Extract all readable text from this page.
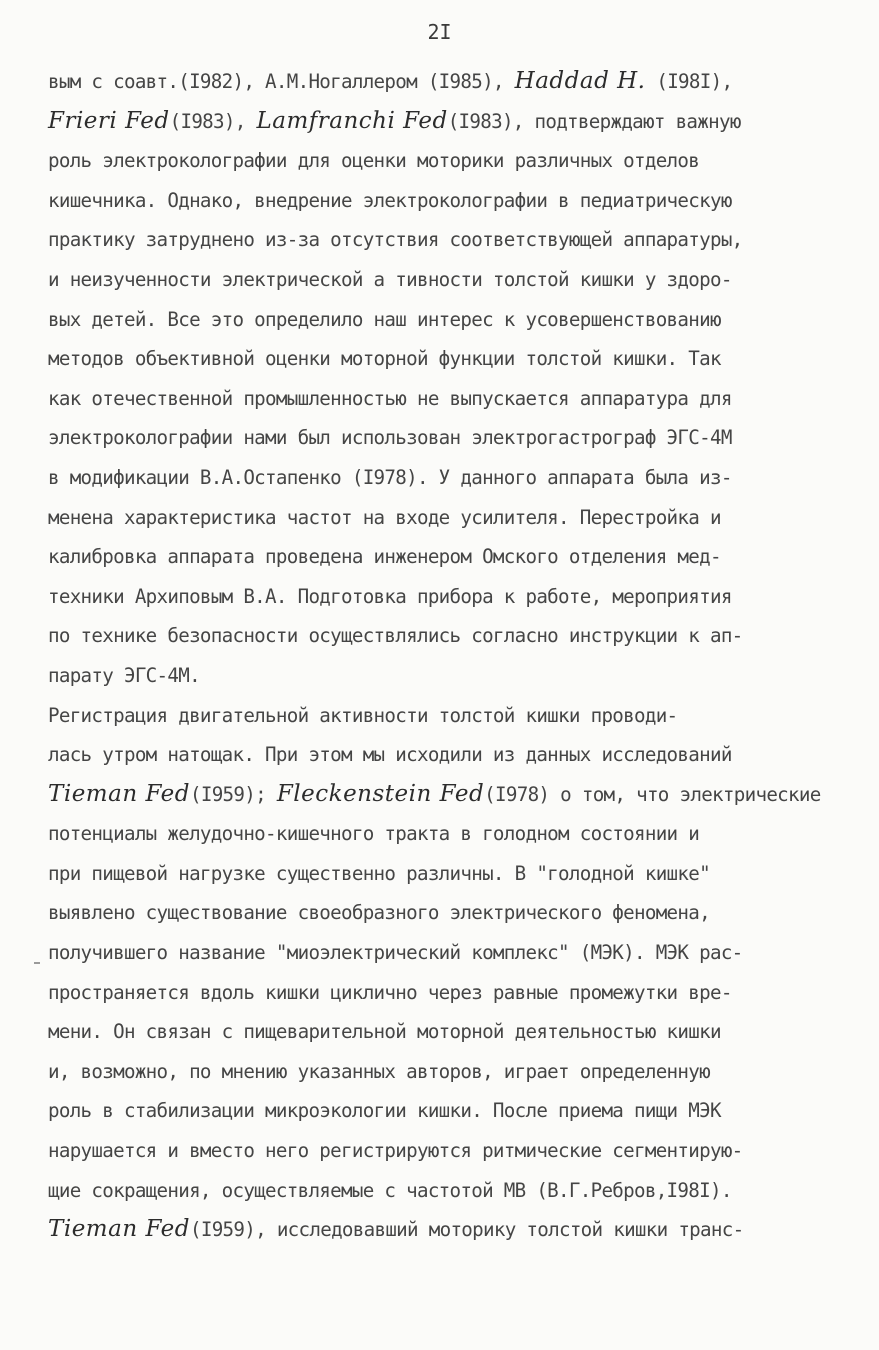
2I
вым с соавт.(I982), А.М.Ногаллером (I985), Haddad H. (I98I),
Frieri Fed(I983), Lamfranchi Fed(I983), подтверждают важную
роль электроколографии для оценки моторики различных отделов
кишечника. Однако, внедрение электроколографии в педиатрическую
практику затруднено из-за отсутствия соответствующей аппаратуры,
и неизученности электрической а тивности толстой кишки у здоро-
вых детей. Все это определило наш интерес к усовершенствованию
методов объективной оценки моторной функции толстой кишки. Так
как отечественной промышленностью не выпускается аппаратура для
электроколографии нами был использован электрогастрограф ЭГС-4М
в модификации В.А.Остапенко (I978). У данного аппарата была из-
менена характеристика частот на входе усилителя. Перестройка и
калибровка аппарата проведена инженером Омского отделения мед-
техники Архиповым В.А. Подготовка прибора к работе, мероприятия
по технике безопасности осуществлялись согласно инструкции к ап-
парату ЭГС-4М.
Регистрация двигательной активности толстой кишки проводи-
лась утром натощак. При этом мы исходили из данных исследований
Tieman Fed(I959); Fleckenstein Fed(I978) о том, что электрические
потенциалы желудочно-кишечного тракта в голодном состоянии и
при пищевой нагрузке существенно различны. В "голодной кишке"
выявлено существование своеобразного электрического феномена,
получившего название "миоэлектрический комплекс" (МЭК). МЭК рас-
пространяется вдоль кишки циклично через равные промежутки вре-
мени. Он связан с пищеварительной моторной деятельностью кишки
и, возможно, по мнению указанных авторов, играет определенную
роль в стабилизации микроэкологии кишки. После приема пищи МЭК
нарушается и вместо него регистрируются ритмические сегментирую-
щие сокращения, осуществляемые с частотой МВ (В.Г.Ребров,I98I).
Tieman Fed(I959), исследовавший моторику толстой кишки транс-
